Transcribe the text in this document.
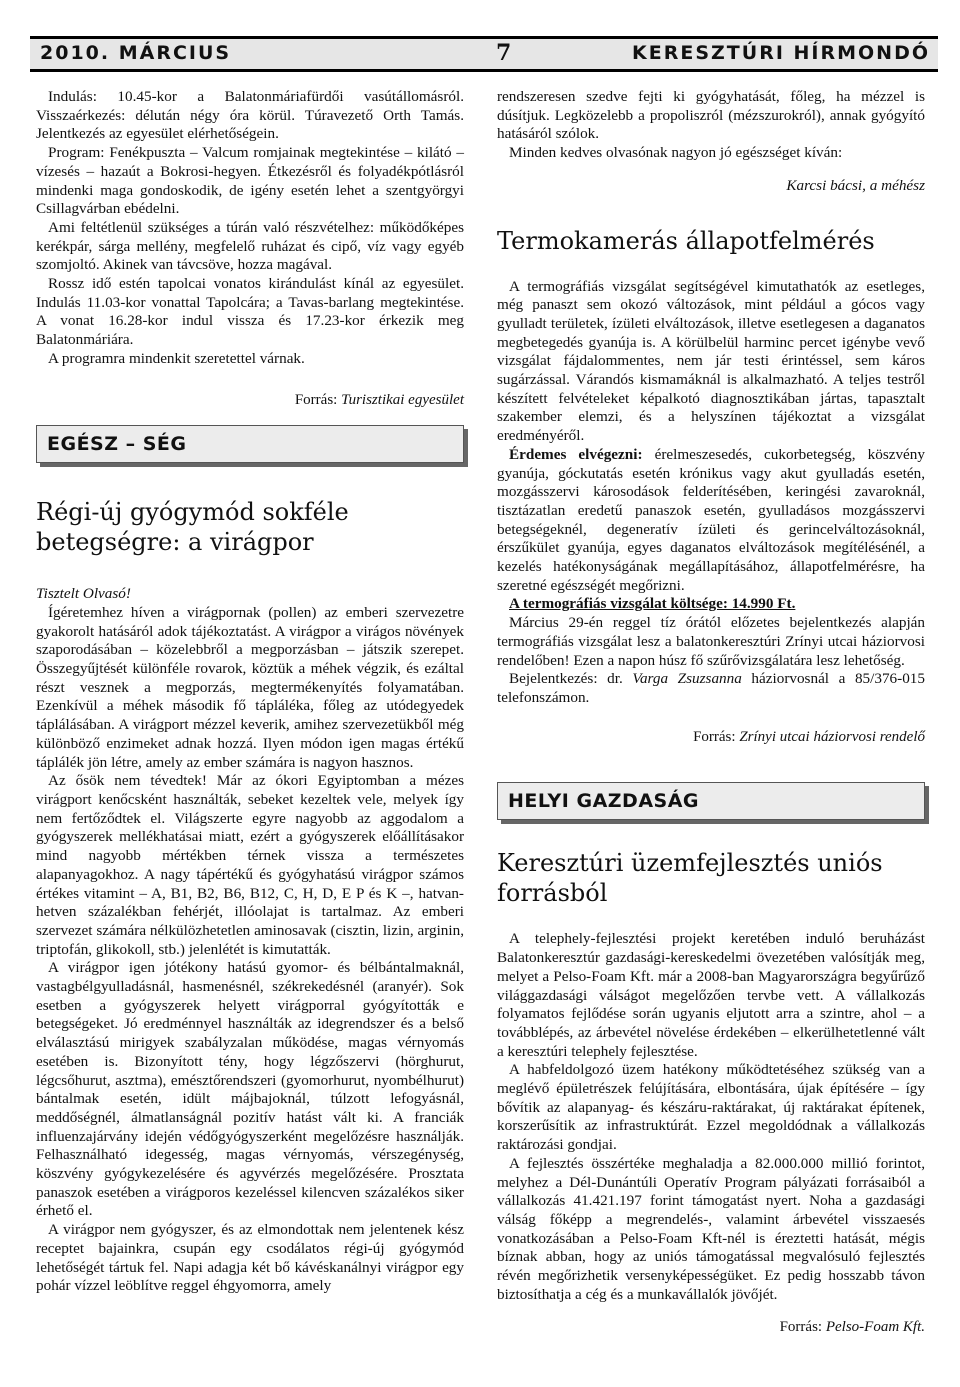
2010. MÁRCIUS	7	KERESZTÚRI HÍRMONDÓ

Indulás: 10.45-kor a Balatonmáriafürdői vasútállomásról. Visszaérkezés: délután négy óra körül. Túravezető Orth Tamás. Jelentkezés az egyesület elérhetőségein.

Program: Fenékpuszta – Valcum romjainak megtekintése – kilátó – vízesés – hazaút a Bokrosi-hegyen. Étkezésről és folyadékpótlásról mindenki maga gondoskodik, de igény esetén lehet a szentgyörgyi Csillagvárban ebédelni.

Ami feltétlenül szükséges a túrán való részvételhez: működőképes kerékpár, sárga mellény, megfelelő ruházat és cipő, víz vagy egyéb szomjoltó. Akinek van távcsöve, hozza magával.

Rossz idő estén tapolcai vonatos kirándulást kínál az egyesület. Indulás 11.03-kor vonattal Tapolcára; a Tavas-barlang megtekintése. A vonat 16.28-kor indul vissza és 17.23-kor érkezik meg Balatonmáriára.

A programra mindenkit szeretettel várnak.

Forrás: Turisztikai egyesület

EGÉSZ – SÉG
Régi-új gyógymód sokféle betegségre: a virágpor

Tisztelt Olvasó!

Ígéretemhez híven a virágpornak (pollen) az emberi szervezetre gyakorolt hatásáról adok tájékoztatást. A virágpor a virágos növények szaporodásában – közelebbről a megporzásban – játszik szerepet. Összegyűjtését különféle rovarok, köztük a méhek végzik, és ezáltal részt vesznek a megporzás, megtermékenyítés folyamatában. Ezenkívül a méhek második fő tápláléka, főleg az utódegyedek táplálásában. A virágport mézzel keverik, amihez szervezetükből még különböző enzimeket adnak hozzá. Ilyen módon igen magas értékű táplálék jön létre, amely az ember számára is nagyon hasznos.

Az ősök nem tévedtek! Már az ókori Egyiptomban a mézes virágport kenőcsként használták, sebeket kezeltek vele, melyek így nem fertőződtek el. Világszerte egyre nagyobb az aggodalom a gyógyszerek mellékhatásai miatt, ezért a gyógyszerek előállításakor mind nagyobb mértékben térnek vissza a természetes alapanyagokhoz. A nagy tápértékű és gyógyhatású virágpor számos értékes vitamint – A, B1, B2, B6, B12, C, H, D, E P és K –, hatvan-hetven százalékban fehérjét, illóolajat is tartalmaz. Az emberi szervezet számára nélkülözhetetlen aminosavak (cisztin, lizin, arginin, triptofán, glikokoll, stb.) jelenlétét is kimutatták.

A virágpor igen jótékony hatású gyomor- és bélbántalmaknál, vastagbélgyulladásnál, hasmenésnél, székrekedésnél (aranyér). Sok esetben a gyógyszerek helyett virágporral gyógyították e betegségeket. Jó eredménnyel használták az idegrendszer és a belső elválasztású mirigyek szabályzalan működése, magas vérnyomás esetében is. Bizonyított tény, hogy légzőszervi (hörghurut, légcsőhurut, asztma), emésztőrendszeri (gyomorhurut, nyombélhurut) bántalmak esetén, idült májbajoknál, túlzott lefogyásnál, meddőségnél, álmatlanságnál pozitív hatást vált ki. A franciák influenzajárvány idején védőgyógyszerként megelőzésre használják. Felhasználható idegesség, magas vérnyomás, vérszegénység, köszvény gyógykezelésére és agyvérzés megelőzésére. Prosztata panaszok esetében a virágporos kezeléssel kilencven százalékos siker érhető el.

A virágpor nem gyógyszer, és az elmondottak nem jelentenek kész receptet bajainkra, csupán egy csodálatos régi-új gyógymód lehetőségét tártuk fel. Napi adagja két bő kávéskanálnyi virágpor egy pohár vízzel leöblítve reggel éhgyomorra, amely

rendszeresen szedve fejti ki gyógyhatását, főleg, ha mézzel is dúsítjuk. Legközelebb a propoliszról (mézszurokról), annak gyógyító hatásáról szólok.

Minden kedves olvasónak nagyon jó egészséget kíván:

Karcsi bácsi, a méhész

Termokamerás állapotfelmérés

A termográfiás vizsgálat segítségével kimutathatók az esetleges, még panaszt sem okozó változások, mint például a gócos vagy gyulladt területek, ízületi elváltozások, illetve esetlegesen a daganatos megbetegedés gyanúja is. A körülbelül harminc percet igénybe vevő vizsgálat fájdalommentes, nem jár testi érintéssel, sem káros sugárzással. Várandós kismamáknál is alkalmazható. A teljes testről készített felvételeket képalkotó diagnosztikában jártas, tapasztalt szakember elemzi, és a helyszínen tájékoztat a vizsgálat eredményéről.

Érdemes elvégezni: érelmeszesedés, cukorbetegség, köszvény gyanúja, góckutatás esetén krónikus vagy akut gyulladás esetén, mozgásszervi károsodások felderítésében, keringési zavaroknál, tisztázatlan eredetű panaszok esetén, gyulladásos mozgásszervi betegségeknél, degeneratív ízületi és gerincelváltozásoknál, érszűkület gyanúja, egyes daganatos elváltozások megítélésénél, a kezelés hatékonyságának megállapításához, állapotfelmérésre, ha szeretné egészségét megőrizni.

A termográfiás vizsgálat költsége: 14.990 Ft.

Március 29-én reggel tíz órától előzetes bejelentkezés alapján termográfiás vizsgálat lesz a balatonkeresztúri Zrínyi utcai háziorvosi rendelőben! Ezen a napon húsz fő szűrővizsgálatára lesz lehetőség.

Bejelentkezés: dr. Varga Zsuzsanna háziorvosnál a 85/376-015 telefonszámon.

Forrás: Zrínyi utcai háziorvosi rendelő

HELYI GAZDASÁG
Keresztúri üzemfejlesztés uniós forrásból

A telephely-fejlesztési projekt keretében induló beruházást Balatonkeresztúr gazdasági-kereskedelmi övezetében valósítják meg, melyet a Pelso-Foam Kft. már a 2008-ban Magyarországra begyűrűző világgazdasági válságot megelőzően tervbe vett. A vállalkozás folyamatos fejlődése során ugyanis eljutott arra a szintre, ahol – a továbblépés, az árbevétel növelése érdekében – elkerülhetetlenné vált a keresztúri telephely fejlesztése.

A habfeldolgozó üzem hatékony működtetéséhez szükség van a meglévő épületrészek felújítására, elbontására, újak építésére – így bővítik az alapanyag- és készáru-raktárakat, új raktárakat építenek, korszerűsítik az infrastruktúrát. Ezzel megoldódnak a vállalkozás raktározási gondjai.

A fejlesztés összértéke meghaladja a 82.000.000 millió forintot, melyhez a Dél-Dunántúli Operatív Program pályázati forrásaiból a vállalkozás 41.421.197 forint támogatást nyert. Noha a gazdasági válság főképp a megrendelés-, valamint árbevétel visszaesés vonatkozásában a Pelso-Foam Kft-nél is éreztetti hatását, mégis bíznak abban, hogy az uniós támogatással megvalósuló fejlesztés révén megőrizhetik versenyképességüket. Ez pedig hosszabb távon biztosíthatja a cég és a munkavállalók jövőjét.

Forrás: Pelso-Foam Kft.
